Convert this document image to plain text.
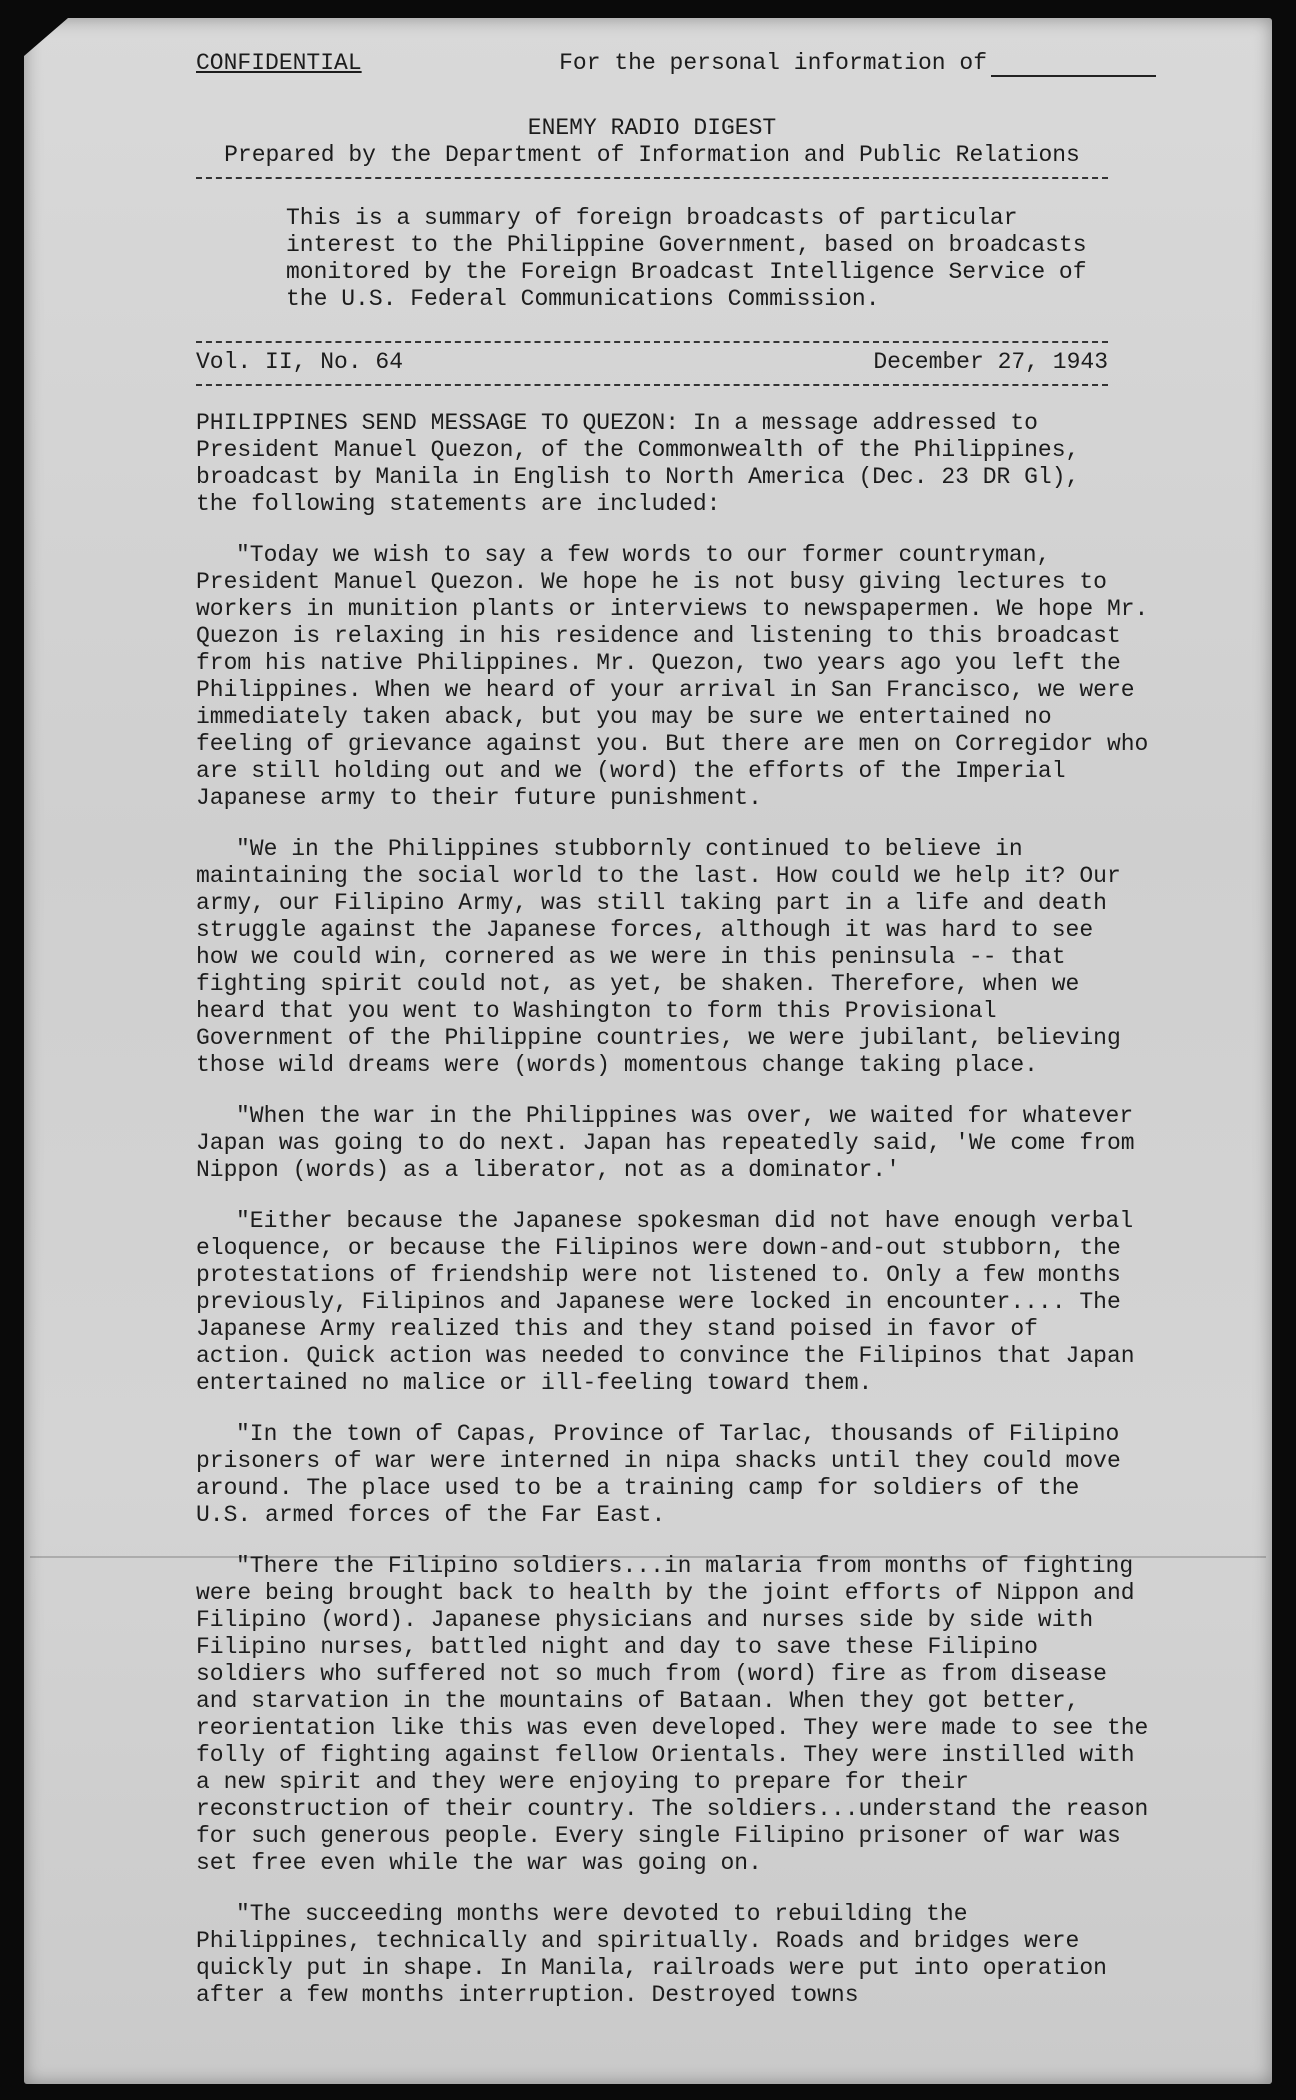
CONFIDENTIAL	For the personal information of
ENEMY RADIO DIGEST
Prepared by the Department of Information and Public Relations
This is a summary of foreign broadcasts of particular interest to the Philippine Government, based on broadcasts monitored by the Foreign Broadcast Intelligence Service of the U.S. Federal Communications Commission.
Vol. II, No. 64	December 27, 1943
PHILIPPINES SEND MESSAGE TO QUEZON: In a message addressed to President Manuel Quezon, of the Commonwealth of the Philippines, broadcast by Manila in English to North America (Dec. 23 DR Gl), the following statements are included:
"Today we wish to say a few words to our former countryman, President Manuel Quezon. We hope he is not busy giving lectures to workers in munition plants or interviews to newspapermen. We hope Mr. Quezon is relaxing in his residence and listening to this broadcast from his native Philippines. Mr. Quezon, two years ago you left the Philippines. When we heard of your arrival in San Francisco, we were immediately taken aback, but you may be sure we entertained no feeling of grievance against you. But there are men on Corregidor who are still holding out and we (word) the efforts of the Imperial Japanese army to their future punishment.
"We in the Philippines stubbornly continued to believe in maintaining the social world to the last. How could we help it? Our army, our Filipino Army, was still taking part in a life and death struggle against the Japanese forces, although it was hard to see how we could win, cornered as we were in this peninsula -- that fighting spirit could not, as yet, be shaken. Therefore, when we heard that you went to Washington to form this Provisional Government of the Philippine countries, we were jubilant, believing those wild dreams were (words) momentous change taking place.
"When the war in the Philippines was over, we waited for whatever Japan was going to do next. Japan has repeatedly said, 'We come from Nippon (words) as a liberator, not as a dominator.'
"Either because the Japanese spokesman did not have enough verbal eloquence, or because the Filipinos were down-and-out stubborn, the protestations of friendship were not listened to. Only a few months previously, Filipinos and Japanese were locked in encounter.... The Japanese Army realized this and they stand poised in favor of action. Quick action was needed to convince the Filipinos that Japan entertained no malice or ill-feeling toward them.
"In the town of Capas, Province of Tarlac, thousands of Filipino prisoners of war were interned in nipa shacks until they could move around. The place used to be a training camp for soldiers of the U.S. armed forces of the Far East.
"There the Filipino soldiers...in malaria from months of fighting were being brought back to health by the joint efforts of Nippon and Filipino (word). Japanese physicians and nurses side by side with Filipino nurses, battled night and day to save these Filipino soldiers who suffered not so much from (word) fire as from disease and starvation in the mountains of Bataan. When they got better, reorientation like this was even developed. They were made to see the folly of fighting against fellow Orientals. They were instilled with a new spirit and they were enjoying to prepare for their reconstruction of their country. The soldiers...understand the reason for such generous people. Every single Filipino prisoner of war was set free even while the war was going on.
"The succeeding months were devoted to rebuilding the Philippines, technically and spiritually. Roads and bridges were quickly put in shape. In Manila, railroads were put into operation after a few months interruption. Destroyed towns
